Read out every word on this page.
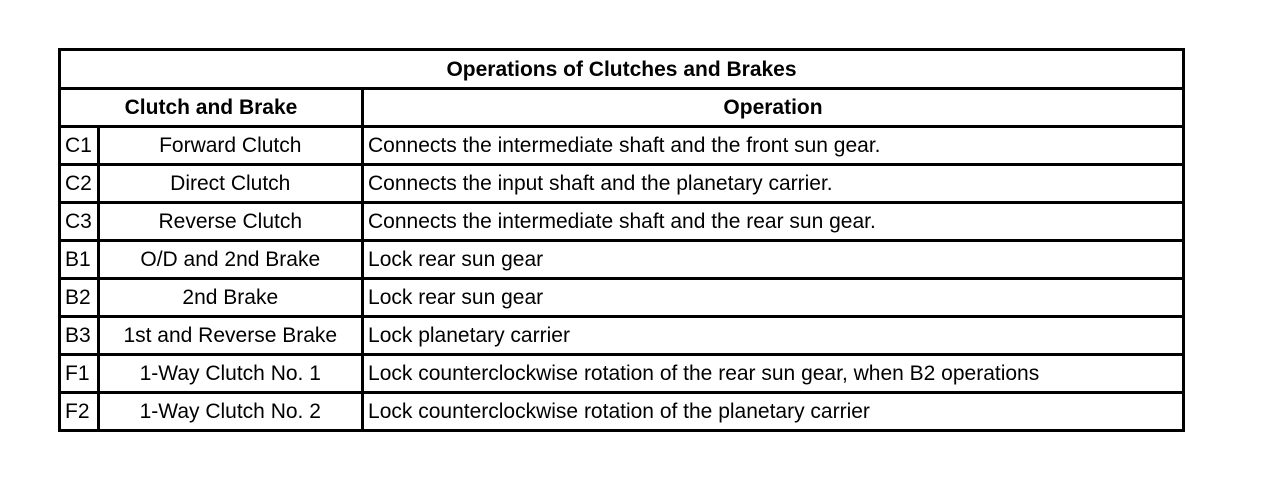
Operations of Clutches and Brakes		
Clutch and Brake		Operation
C1	Forward Clutch	Connects the intermediate shaft and the front sun gear.
C2	Direct Clutch	Connects the input shaft and the planetary carrier.
C3	Reverse Clutch	Connects the intermediate shaft and the rear sun gear.
B1	O/D and 2nd Brake	Lock rear sun gear
B2	2nd Brake	Lock rear sun gear
B3	1st and Reverse Brake	Lock planetary carrier
F1	1-Way Clutch No. 1	Lock counterclockwise rotation of the rear sun gear, when B2 operations
F2	1-Way Clutch No. 2	Lock counterclockwise rotation of the planetary carrier
